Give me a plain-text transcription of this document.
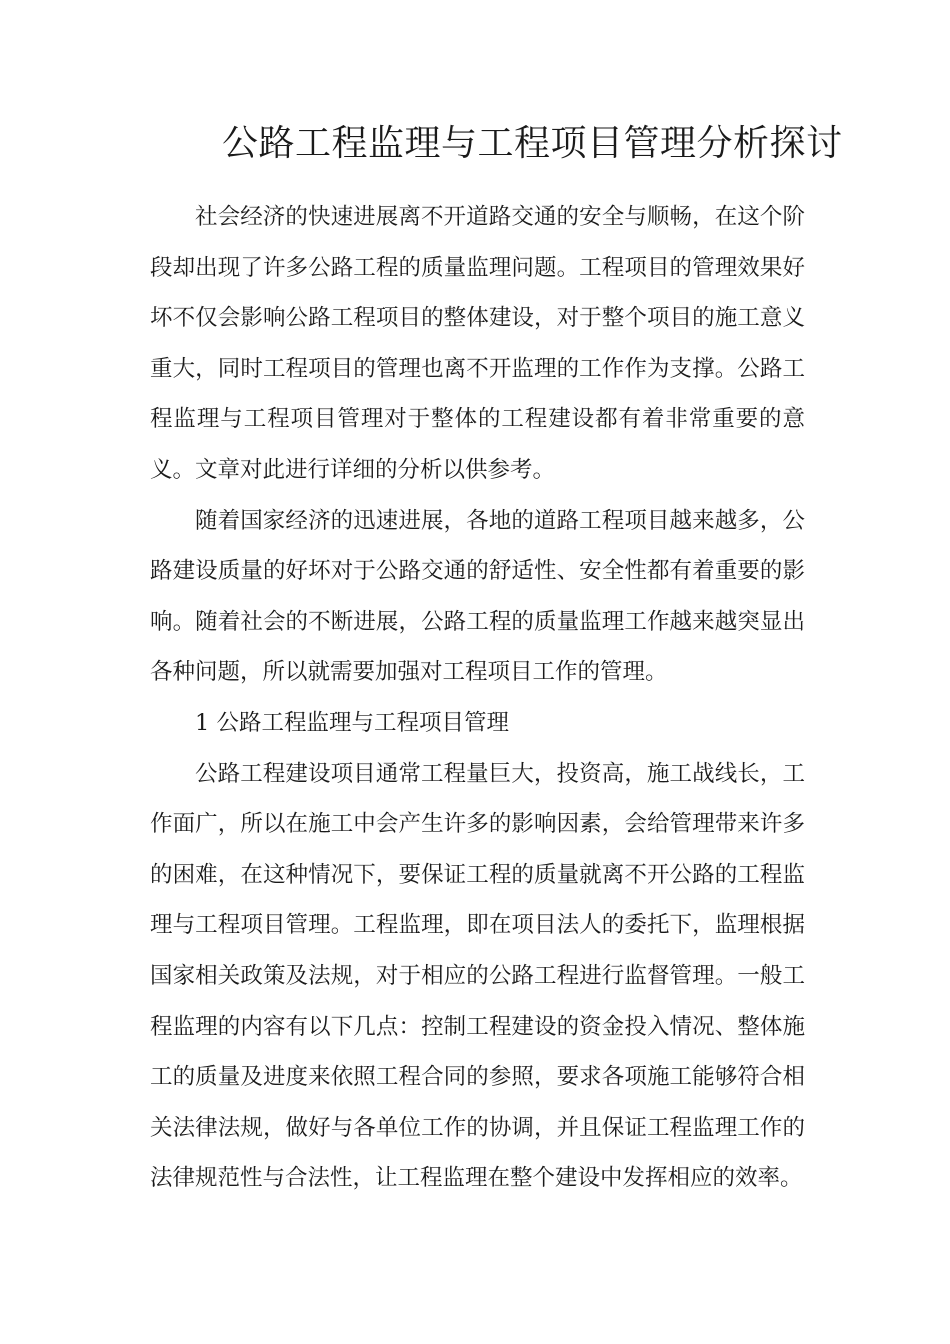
公路工程监理与工程项目管理分析探讨

社会经济的快速进展离不开道路交通的安全与顺畅，在这个阶段却出现了许多公路工程的质量监理问题。工程项目的管理效果好坏不仅会影响公路工程项目的整体建设，对于整个项目的施工意义重大，同时工程项目的管理也离不开监理的工作作为支撑。公路工程监理与工程项目管理对于整体的工程建设都有着非常重要的意义。文章对此进行详细的分析以供参考。

随着国家经济的迅速进展，各地的道路工程项目越来越多，公路建设质量的好坏对于公路交通的舒适性、安全性都有着重要的影响。随着社会的不断进展，公路工程的质量监理工作越来越突显出各种问题，所以就需要加强对工程项目工作的管理。

1 公路工程监理与工程项目管理

公路工程建设项目通常工程量巨大，投资高，施工战线长，工作面广，所以在施工中会产生许多的影响因素，会给管理带来许多的困难，在这种情况下，要保证工程的质量就离不开公路的工程监理与工程项目管理。工程监理，即在项目法人的委托下，监理根据国家相关政策及法规，对于相应的公路工程进行监督管理。一般工程监理的内容有以下几点：控制工程建设的资金投入情况、整体施工的质量及进度来依照工程合同的参照，要求各项施工能够符合相关法律法规，做好与各单位工作的协调，并且保证工程监理工作的法律规范性与合法性，让工程监理在整个建设中发挥相应的效率。
